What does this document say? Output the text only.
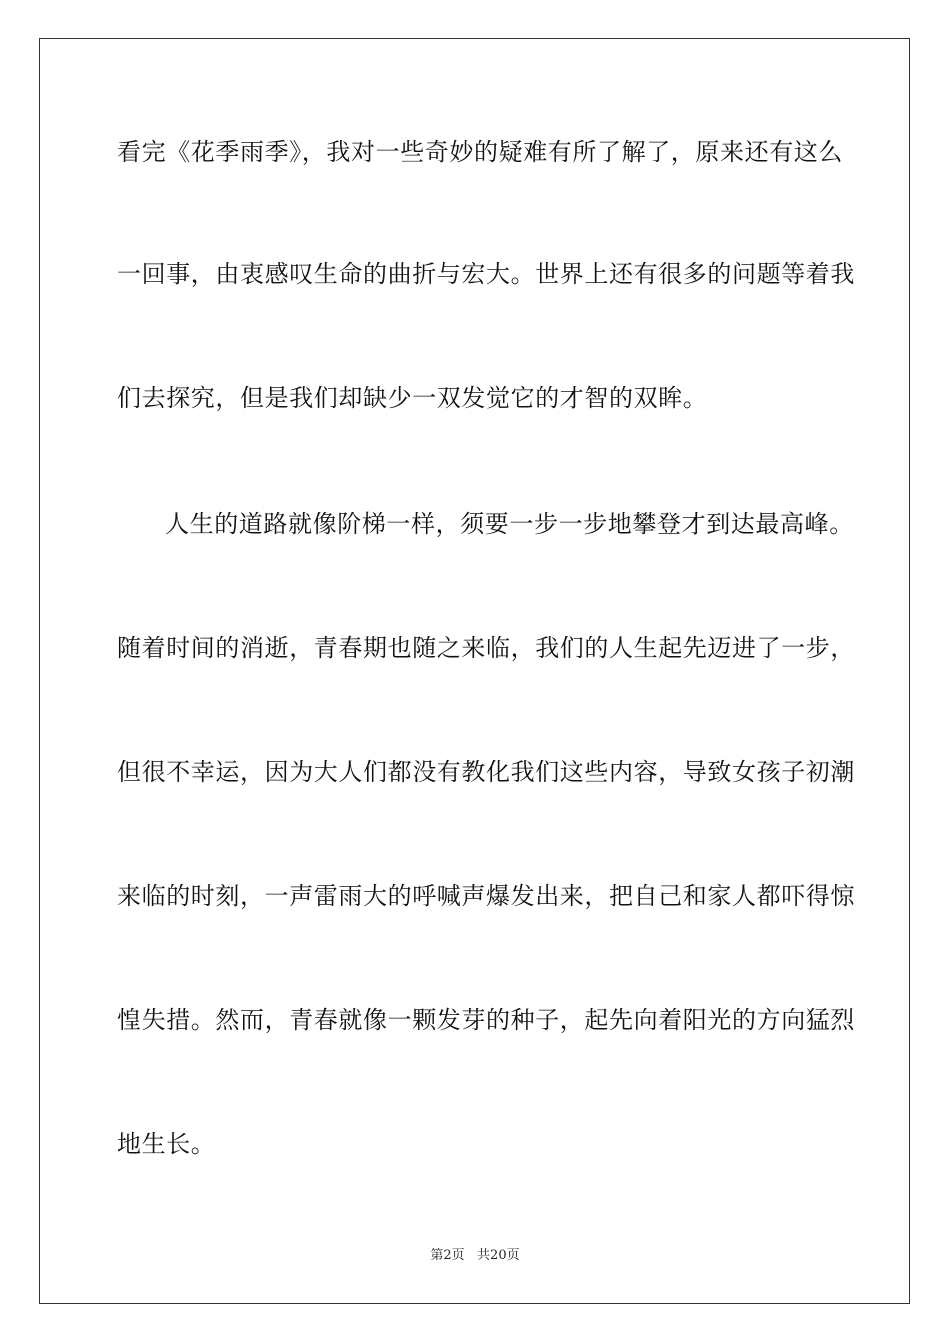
看完《花季雨季》，我对一些奇妙的疑难有所了解了，原来还有这么
一回事，由衷感叹生命的曲折与宏大。世界上还有很多的问题等着我
们去探究，但是我们却缺少一双发觉它的才智的双眸。
人生的道路就像阶梯一样，须要一步一步地攀登才到达最高峰。
随着时间的消逝，青春期也随之来临，我们的人生起先迈进了一步，
但很不幸运，因为大人们都没有教化我们这些内容，导致女孩子初潮
来临的时刻，一声雷雨大的呼喊声爆发出来，把自己和家人都吓得惊
惶失措。然而，青春就像一颗发芽的种子，起先向着阳光的方向猛烈
地生长。
第2页   共20页
